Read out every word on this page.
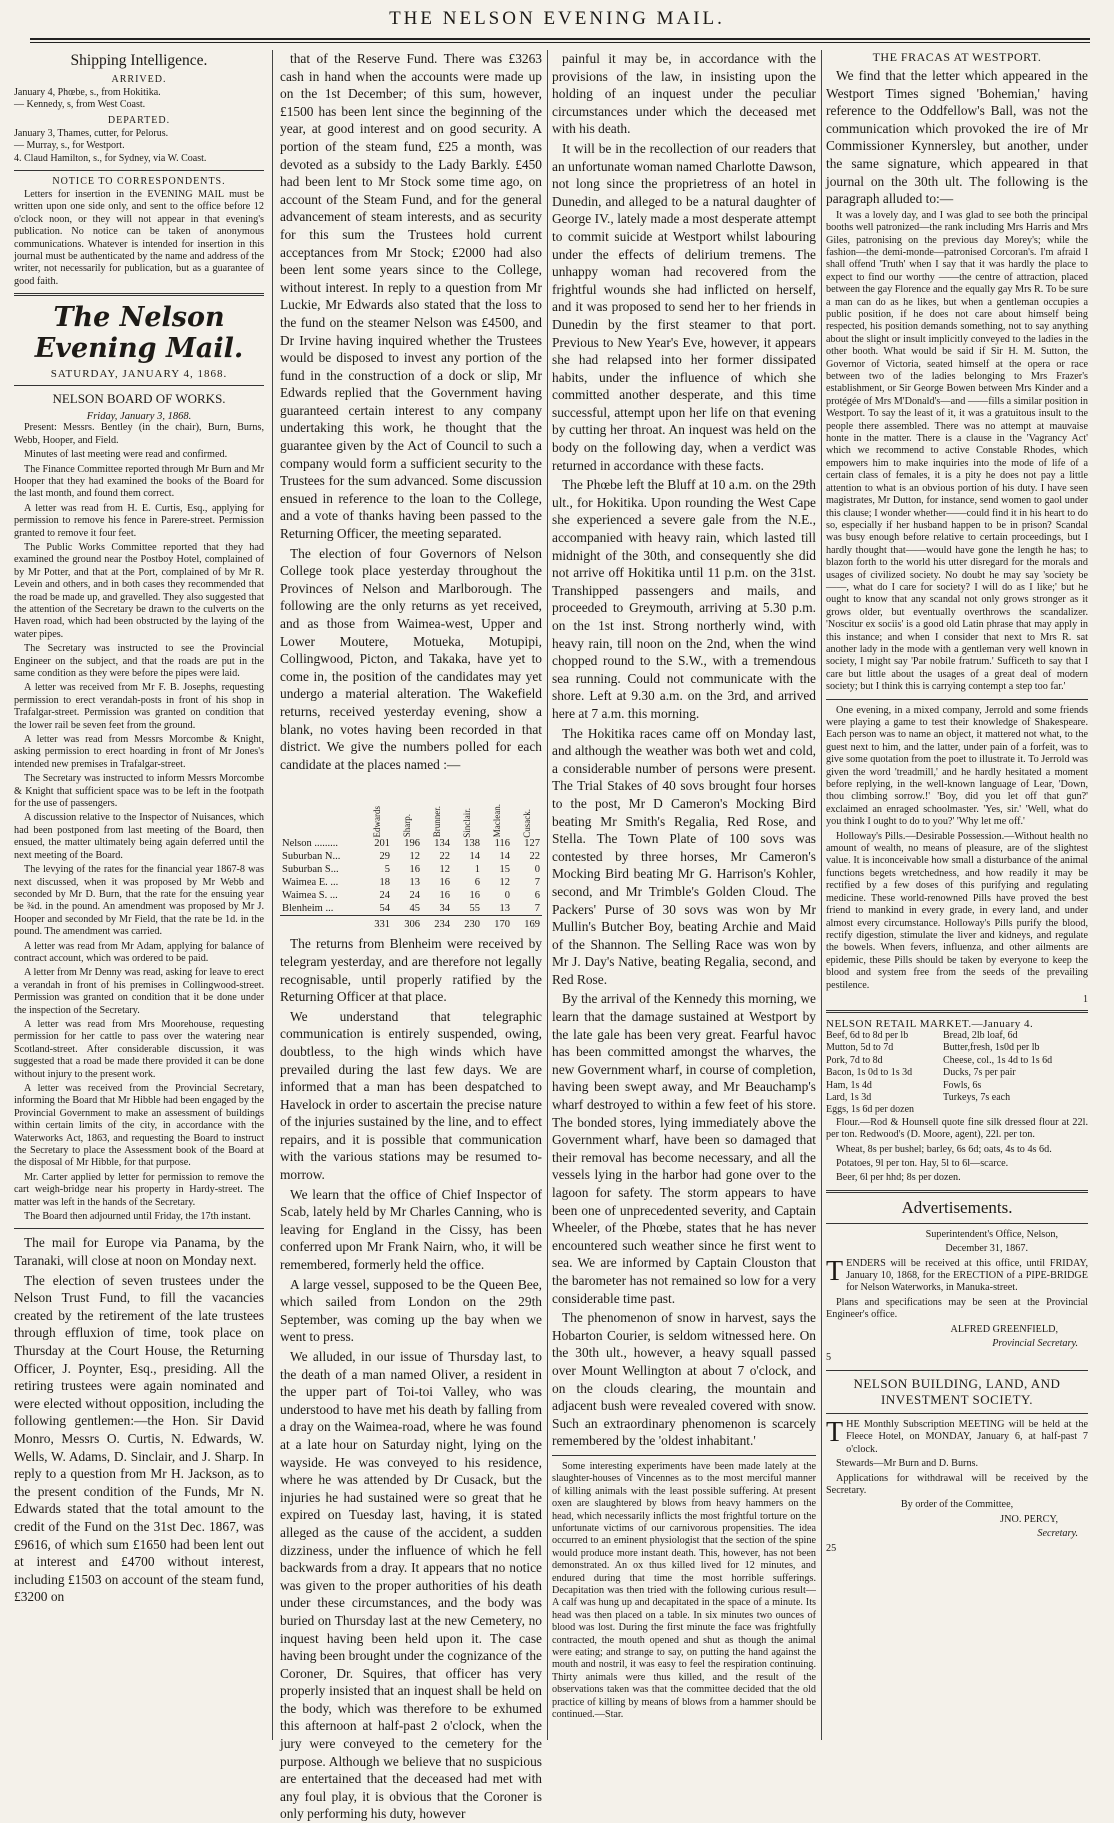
THE NELSON EVENING MAIL.
Shipping Intelligence.
ARRIVED.

January 4, Phœbe, s., from Hokitika.

— Kennedy, s, from West Coast.

DEPARTED.

January 3, Thames, cutter, for Pelorus.

— Murray, s., for Westport.

4. Claud Hamilton, s., for Sydney, via W. Coast.

NOTICE TO CORRESPONDENTS.

Letters for insertion in the EVENING MAIL must be written upon one side only, and sent to the office before 12 o'clock noon, or they will not appear in that evening's publication. No notice can be taken of anonymous communications. Whatever is intended for insertion in this journal must be authenticated by the name and address of the writer, not necessarily for publication, but as a guarantee of good faith.

The Nelson Evening Mail.
SATURDAY, JANUARY 4, 1868.
NELSON BOARD OF WORKS.
Friday, January 3, 1868.

Present: Messrs. Bentley (in the chair), Burn, Burns, Webb, Hooper, and Field.

Minutes of last meeting were read and confirmed.

The Finance Committee reported through Mr Burn and Mr Hooper that they had examined the books of the Board for the last month, and found them correct.

A letter was read from H. E. Curtis, Esq., applying for permission to remove his fence in Parere-street. Permission granted to remove it four feet.

The Public Works Committee reported that they had examined the ground near the Postboy Hotel, complained of by Mr Potter, and that at the Port, complained of by Mr R. Levein and others, and in both cases they recommended that the road be made up, and gravelled. They also suggested that the attention of the Secretary be drawn to the culverts on the Haven road, which had been obstructed by the laying of the water pipes.

The Secretary was instructed to see the Provincial Engineer on the subject, and that the roads are put in the same condition as they were before the pipes were laid.

A letter was received from Mr F. B. Josephs, requesting permission to erect verandah-posts in front of his shop in Trafalgar-street. Permission was granted on condition that the lower rail be seven feet from the ground.

A letter was read from Messrs Morcombe & Knight, asking permission to erect hoarding in front of Mr Jones's intended new premises in Trafalgar-street.

The Secretary was instructed to inform Messrs Morcombe & Knight that sufficient space was to be left in the footpath for the use of passengers.

A discussion relative to the Inspector of Nuisances, which had been postponed from last meeting of the Board, then ensued, the matter ultimately being again deferred until the next meeting of the Board.

The levying of the rates for the financial year 1867-8 was next discussed, when it was proposed by Mr Webb and seconded by Mr D. Burn, that the rate for the ensuing year be ¾d. in the pound. An amendment was proposed by Mr J. Hooper and seconded by Mr Field, that the rate be 1d. in the pound. The amendment was carried.

A letter was read from Mr Adam, applying for balance of contract account, which was ordered to be paid.

A letter from Mr Denny was read, asking for leave to erect a verandah in front of his premises in Collingwood-street. Permission was granted on condition that it be done under the inspection of the Secretary.

A letter was read from Mrs Moorehouse, requesting permission for her cattle to pass over the watering near Scotland-street. After considerable discussion, it was suggested that a road be made there provided it can be done without injury to the present work.

A letter was received from the Provincial Secretary, informing the Board that Mr Hibble had been engaged by the Provincial Government to make an assessment of buildings within certain limits of the city, in accordance with the Waterworks Act, 1863, and requesting the Board to instruct the Secretary to place the Assessment book of the Board at the disposal of Mr Hibble, for that purpose.

Mr. Carter applied by letter for permission to remove the cart weigh-bridge near his property in Hardy-street. The matter was left in the hands of the Secretary.

The Board then adjourned until Friday, the 17th instant.

The mail for Europe via Panama, by the Taranaki, will close at noon on Monday next.

The election of seven trustees under the Nelson Trust Fund, to fill the vacancies created by the retirement of the late trustees through effluxion of time, took place on Thursday at the Court House, the Returning Officer, J. Poynter, Esq., presiding. All the retiring trustees were again nominated and were elected without opposition, including the following gentlemen:—the Hon. Sir David Monro, Messrs O. Curtis, N. Edwards, W. Wells, W. Adams, D. Sinclair, and J. Sharp. In reply to a question from Mr H. Jackson, as to the present condition of the Funds, Mr N. Edwards stated that the total amount to the credit of the Fund on the 31st Dec. 1867, was £9616, of which sum £1650 had been lent out at interest and £4700 without interest, including £1503 on account of the steam fund, £3200 on

that of the Reserve Fund. There was £3263 cash in hand when the accounts were made up on the 1st December; of this sum, however, £1500 has been lent since the beginning of the year, at good interest and on good security. A portion of the steam fund, £25 a month, was devoted as a subsidy to the Lady Barkly. £450 had been lent to Mr Stock some time ago, on account of the Steam Fund, and for the general advancement of steam interests, and as security for this sum the Trustees hold current acceptances from Mr Stock; £2000 had also been lent some years since to the College, without interest. In reply to a question from Mr Luckie, Mr Edwards also stated that the loss to the fund on the steamer Nelson was £4500, and Dr Irvine having inquired whether the Trustees would be disposed to invest any portion of the fund in the construction of a dock or slip, Mr Edwards replied that the Government having guaranteed certain interest to any company undertaking this work, he thought that the guarantee given by the Act of Council to such a company would form a sufficient security to the Trustees for the sum advanced. Some discussion ensued in reference to the loan to the College, and a vote of thanks having been passed to the Returning Officer, the meeting separated.

The election of four Governors of Nelson College took place yesterday throughout the Provinces of Nelson and Marlborough. The following are the only returns as yet received, and as those from Waimea-west, Upper and Lower Moutere, Motueka, Motupipi, Collingwood, Picton, and Takaka, have yet to come in, the position of the candidates may yet undergo a material alteration. The Wakefield returns, received yesterday evening, show a blank, no votes having been recorded in that district. We give the numbers polled for each candidate at the places named :—

	Edwards	Sharp.	Brunner.	Sinclair.	Maclean.	Cusack.

Nelson .........	201	196	134	138	116	127
Suburban N...	29	12	22	14	14	22
Suburban S...	5	16	12	1	15	0
Waimea E. ...	18	13	16	6	12	7
Waimea S. ...	24	24	16	16	0	6
Blenheim ...	54	45	34	55	13	7
	331	306	234	230	170	169

The returns from Blenheim were received by telegram yesterday, and are therefore not legally recognisable, until properly ratified by the Returning Officer at that place.

We understand that telegraphic communication is entirely suspended, owing, doubtless, to the high winds which have prevailed during the last few days. We are informed that a man has been despatched to Havelock in order to ascertain the precise nature of the injuries sustained by the line, and to effect repairs, and it is possible that communication with the various stations may be resumed to-morrow.

We learn that the office of Chief Inspector of Scab, lately held by Mr Charles Canning, who is leaving for England in the Cissy, has been conferred upon Mr Frank Nairn, who, it will be remembered, formerly held the office.

A large vessel, supposed to be the Queen Bee, which sailed from London on the 29th September, was coming up the bay when we went to press.

We alluded, in our issue of Thursday last, to the death of a man named Oliver, a resident in the upper part of Toi-toi Valley, who was understood to have met his death by falling from a dray on the Waimea-road, where he was found at a late hour on Saturday night, lying on the wayside. He was conveyed to his residence, where he was attended by Dr Cusack, but the injuries he had sustained were so great that he expired on Tuesday last, having, it is stated alleged as the cause of the accident, a sudden dizziness, under the influence of which he fell backwards from a dray. It appears that no notice was given to the proper authorities of his death under these circumstances, and the body was buried on Thursday last at the new Cemetery, no inquest having been held upon it. The case having been brought under the cognizance of the Coroner, Dr. Squires, that officer has very properly insisted that an inquest shall be held on the body, which was therefore to be exhumed this afternoon at half-past 2 o'clock, when the jury were conveyed to the cemetery for the purpose. Although we believe that no suspicious are entertained that the deceased had met with any foul play, it is obvious that the Coroner is only performing his duty, however

painful it may be, in accordance with the provisions of the law, in insisting upon the holding of an inquest under the peculiar circumstances under which the deceased met with his death.

It will be in the recollection of our readers that an unfortunate woman named Charlotte Dawson, not long since the proprietress of an hotel in Dunedin, and alleged to be a natural daughter of George IV., lately made a most desperate attempt to commit suicide at Westport whilst labouring under the effects of delirium tremens. The unhappy woman had recovered from the frightful wounds she had inflicted on herself, and it was proposed to send her to her friends in Dunedin by the first steamer to that port. Previous to New Year's Eve, however, it appears she had relapsed into her former dissipated habits, under the influence of which she committed another desperate, and this time successful, attempt upon her life on that evening by cutting her throat. An inquest was held on the body on the following day, when a verdict was returned in accordance with these facts.

The Phœbe left the Bluff at 10 a.m. on the 29th ult., for Hokitika. Upon rounding the West Cape she experienced a severe gale from the N.E., accompanied with heavy rain, which lasted till midnight of the 30th, and consequently she did not arrive off Hokitika until 11 p.m. on the 31st. Transhipped passengers and mails, and proceeded to Greymouth, arriving at 5.30 p.m. on the 1st inst. Strong northerly wind, with heavy rain, till noon on the 2nd, when the wind chopped round to the S.W., with a tremendous sea running. Could not communicate with the shore. Left at 9.30 a.m. on the 3rd, and arrived here at 7 a.m. this morning.

The Hokitika races came off on Monday last, and although the weather was both wet and cold, a considerable number of persons were present. The Trial Stakes of 40 sovs brought four horses to the post, Mr D Cameron's Mocking Bird beating Mr Smith's Regalia, Red Rose, and Stella. The Town Plate of 100 sovs was contested by three horses, Mr Cameron's Mocking Bird beating Mr G. Harrison's Kohler, second, and Mr Trimble's Golden Cloud. The Packers' Purse of 30 sovs was won by Mr Mullin's Butcher Boy, beating Archie and Maid of the Shannon. The Selling Race was won by Mr J. Day's Native, beating Regalia, second, and Red Rose.

By the arrival of the Kennedy this morning, we learn that the damage sustained at Westport by the late gale has been very great. Fearful havoc has been committed amongst the wharves, the new Government wharf, in course of completion, having been swept away, and Mr Beauchamp's wharf destroyed to within a few feet of his store. The bonded stores, lying immediately above the Government wharf, have been so damaged that their removal has become necessary, and all the vessels lying in the harbor had gone over to the lagoon for safety. The storm appears to have been one of unprecedented severity, and Captain Wheeler, of the Phœbe, states that he has never encountered such weather since he first went to sea. We are informed by Captain Clouston that the barometer has not remained so low for a very considerable time past.

The phenomenon of snow in harvest, says the Hobarton Courier, is seldom witnessed here. On the 30th ult., however, a heavy squall passed over Mount Wellington at about 7 o'clock, and on the clouds clearing, the mountain and adjacent bush were revealed covered with snow. Such an extraordinary phenomenon is scarcely remembered by the 'oldest inhabitant.'

Some interesting experiments have been made lately at the slaughter-houses of Vincennes as to the most merciful manner of killing animals with the least possible suffering. At present oxen are slaughtered by blows from heavy hammers on the head, which necessarily inflicts the most frightful torture on the unfortunate victims of our carnivorous propensities. The idea occurred to an eminent physiologist that the section of the spine would produce more instant death. This, however, has not been demonstrated. An ox thus killed lived for 12 minutes, and endured during that time the most horrible sufferings. Decapitation was then tried with the following curious result—A calf was hung up and decapitated in the space of a minute. Its head was then placed on a table. In six minutes two ounces of blood was lost. During the first minute the face was frightfully contracted, the mouth opened and shut as though the animal were eating; and strange to say, on putting the hand against the mouth and nostril, it was easy to feel the respiration continuing. Thirty animals were thus killed, and the result of the observations taken was that the committee decided that the old practice of killing by means of blows from a hammer should be continued.—Star.

THE FRACAS AT WESTPORT.

We find that the letter which appeared in the Westport Times signed 'Bohemian,' having reference to the Oddfellow's Ball, was not the communication which provoked the ire of Mr Commissioner Kynnersley, but another, under the same signature, which appeared in that journal on the 30th ult. The following is the paragraph alluded to:—

It was a lovely day, and I was glad to see both the principal booths well patronized—the rank including Mrs Harris and Mrs Giles, patronising on the previous day Morey's; while the fashion—the demi-monde—patronised Corcoran's. I'm afraid I shall offend 'Truth' when I say that it was hardly the place to expect to find our worthy ——the centre of attraction, placed between the gay Florence and the equally gay Mrs R. To be sure a man can do as he likes, but when a gentleman occupies a public position, if he does not care about himself being respected, his position demands something, not to say anything about the slight or insult implicitly conveyed to the ladies in the other booth. What would be said if Sir H. M. Sutton, the Governor of Victoria, seated himself at the opera or race between two of the ladies belonging to Mrs Frazer's establishment, or Sir George Bowen between Mrs Kinder and a protégée of Mrs M'Donald's—and ——fills a similar position in Westport. To say the least of it, it was a gratuitous insult to the people there assembled. There was no attempt at mauvaise honte in the matter. There is a clause in the 'Vagrancy Act' which we recommend to active Constable Rhodes, which empowers him to make inquiries into the mode of life of a certain class of females, it is a pity he does not pay a little attention to what is an obvious portion of his duty. I have seen magistrates, Mr Dutton, for instance, send women to gaol under this clause; I wonder whether——could find it in his heart to do so, especially if her husband happen to be in prison? Scandal was busy enough before relative to certain proceedings, but I hardly thought that——would have gone the length he has; to blazon forth to the world his utter disregard for the morals and usages of civilized society. No doubt he may say 'society be ——, what do I care for society? I will do as I like;' but he ought to know that any scandal not only grows stronger as it grows older, but eventually overthrows the scandalizer. 'Noscitur ex sociis' is a good old Latin phrase that may apply in this instance; and when I consider that next to Mrs R. sat another lady in the mode with a gentleman very well known in society, I might say 'Par nobile fratrum.' Sufficeth to say that I care but little about the usages of a great deal of modern society; but I think this is carrying contempt a step too far.'

One evening, in a mixed company, Jerrold and some friends were playing a game to test their knowledge of Shakespeare. Each person was to name an object, it mattered not what, to the guest next to him, and the latter, under pain of a forfeit, was to give some quotation from the poet to illustrate it. To Jerrold was given the word 'treadmill,' and he hardly hesitated a moment before replying, in the well-known language of Lear, 'Down, thou climbing sorrow.!' 'Boy, did you let off that gun?' exclaimed an enraged schoolmaster. 'Yes, sir.' 'Well, what do you think I ought to do to you?' 'Why let me off.'

Holloway's Pills.—Desirable Possession.—Without health no amount of wealth, no means of pleasure, are of the slightest value. It is inconceivable how small a disturbance of the animal functions begets wretchedness, and how readily it may be rectified by a few doses of this purifying and regulating medicine. These world-renowned Pills have proved the best friend to mankind in every grade, in every land, and under almost every circumstance. Holloway's Pills purify the blood, rectify digestion, stimulate the liver and kidneys, and regulate the bowels. When fevers, influenza, and other ailments are epidemic, these Pills should be taken by everyone to keep the blood and system free from the seeds of the prevailing pestilence.

1
NELSON RETAIL MARKET.—January 4.
Beef, 6d to 8d per lb	Bread, 2lb loaf, 6d
Mutton, 5d to 7d	Butter,fresh, 1s0d per lb
Pork, 7d to 8d	Cheese, col., 1s 4d to 1s 6d
Bacon, 1s 0d to 1s 3d	Ducks, 7s per pair
Ham, 1s 4d	Fowls, 6s
Lard, 1s 3d	Turkeys, 7s each
Eggs, 1s 6d per dozen	

Flour.—Rod & Hounsell quote fine silk dressed flour at 22l. per ton. Redwood's (D. Moore, agent), 22l. per ton.

Wheat, 8s per bushel; barley, 6s 6d; oats, 4s to 4s 6d.

Potatoes, 9l per ton. Hay, 5l to 6l—scarce.

Beer, 6l per hhd; 8s per dozen.

Advertisements.

Superintendent's Office, Nelson,

December 31, 1867.

TENDERS will be received at this office, until FRIDAY, January 10, 1868, for the ERECTION of a PIPE-BRIDGE for Nelson Waterworks, in Manuka-street.

Plans and specifications may be seen at the Provincial Engineer's office.

ALFRED GREENFIELD,

Provincial Secretary.

5

NELSON BUILDING, LAND, AND INVESTMENT SOCIETY.

THE Monthly Subscription MEETING will be held at the Fleece Hotel, on MONDAY, January 6, at half-past 7 o'clock.

Stewards—Mr Burn and D. Burns.

Applications for withdrawal will be received by the Secretary.

By order of the Committee,

JNO. PERCY,

Secretary.

25
